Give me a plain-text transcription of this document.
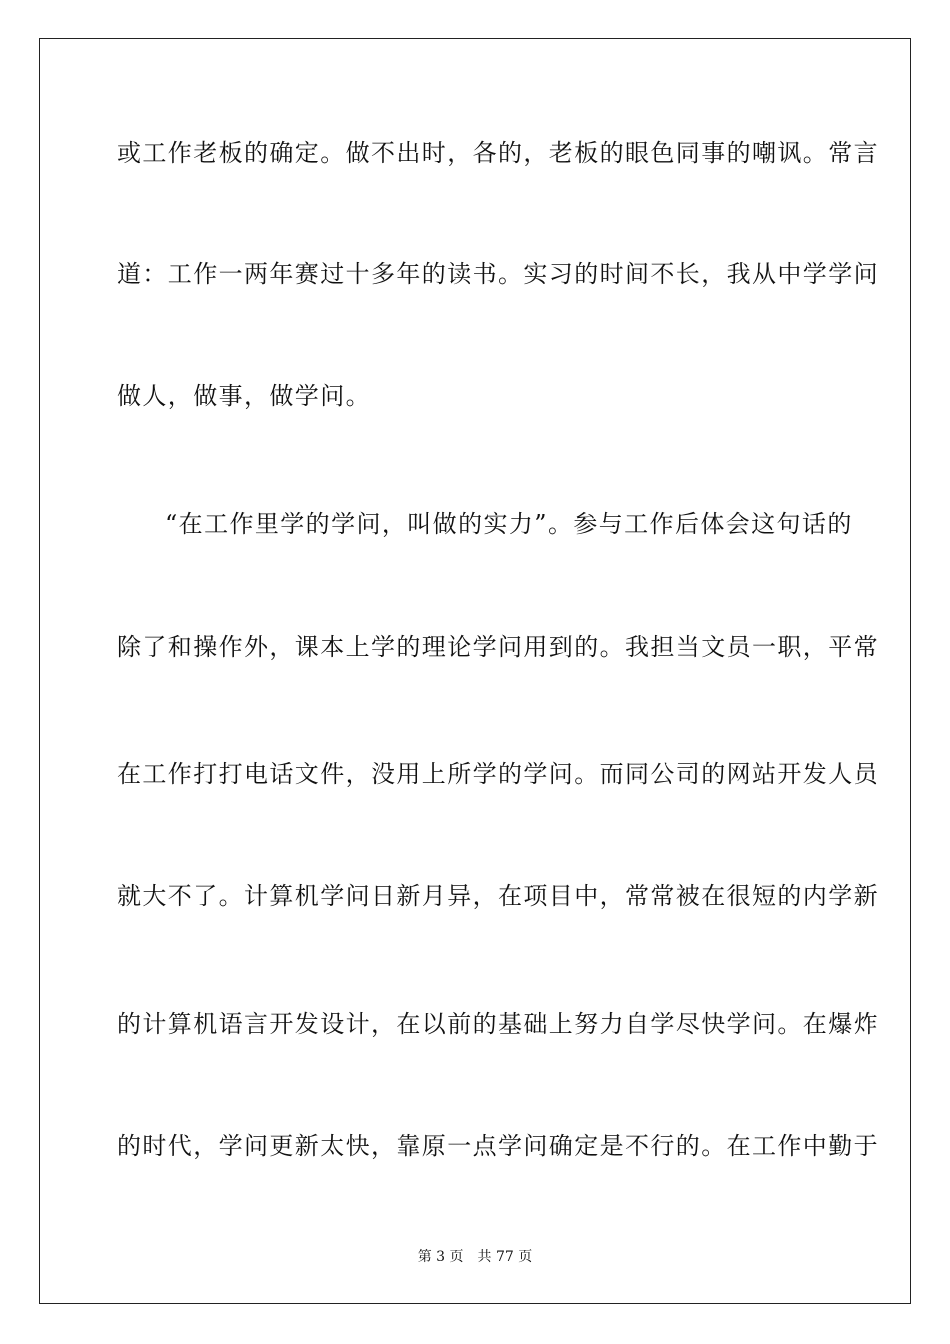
或工作老板的确定。做不出时，各的，老板的眼色同事的嘲讽。常言
道：工作一两年赛过十多年的读书。实习的时间不长，我从中学学问
做人，做事，做学问。
“在工作里学的学问，叫做的实力”。参与工作后体会这句话的
除了和操作外，课本上学的理论学问用到的。我担当文员一职，平常
在工作打打电话文件，没用上所学的学问。而同公司的网站开发人员
就大不了。计算机学问日新月异，在项目中，常常被在很短的内学新
的计算机语言开发设计，在以前的基础上努力自学尽快学问。在爆炸
的时代，学问更新太快，靠原一点学问确定是不行的。在工作中勤于
第 3 页 共 77 页
